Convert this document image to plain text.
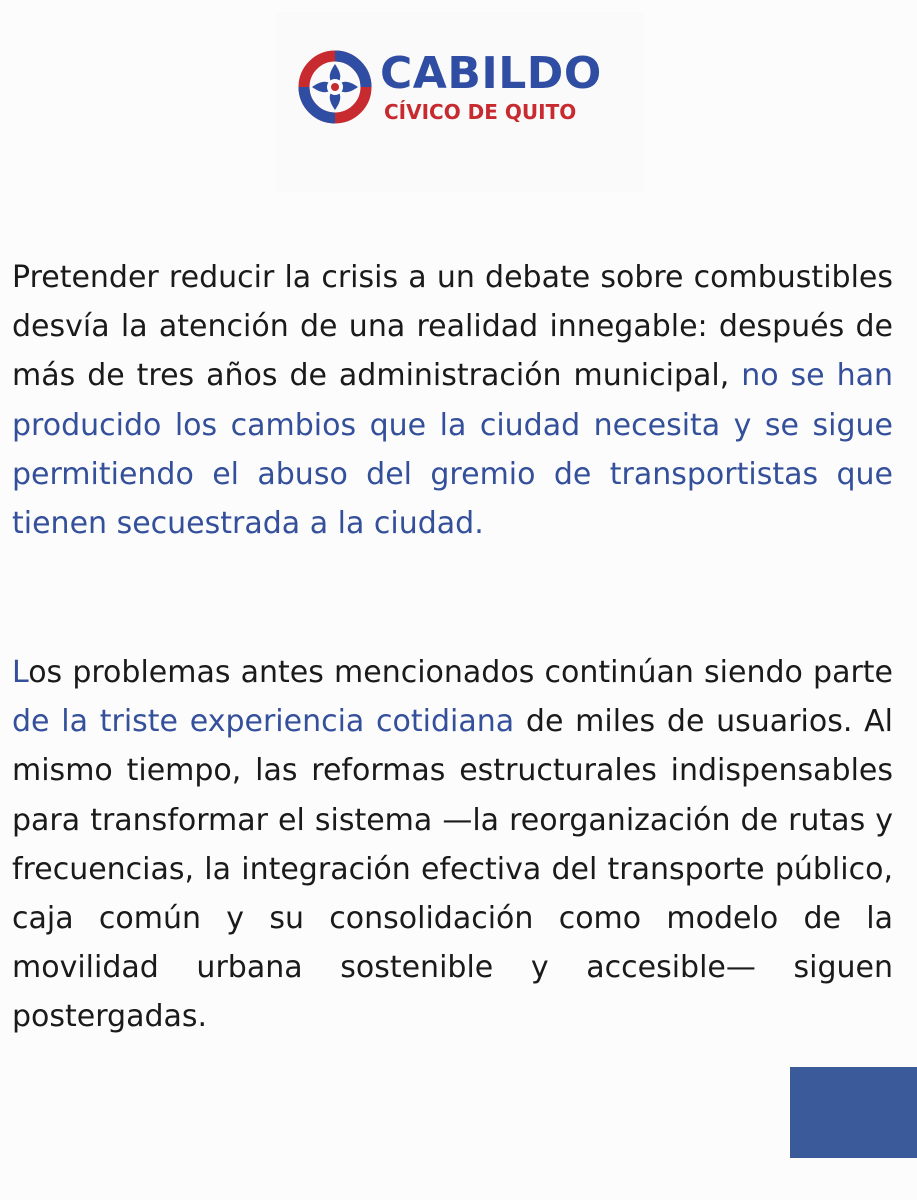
CABILDO
CÍVICO DE QUITO
Pretender reducir la crisis a un debate sobre combustibles desvía la atención de una realidad innegable: después de más de tres años de administración municipal, no se han producido los cambios que la ciudad necesita y se sigue permitiendo el abuso del gremio de transportistas que tienen secuestrada a la ciudad.
Los problemas antes mencionados continúan siendo parte de la triste experiencia cotidiana de miles de usuarios. Al mismo tiempo, las reformas estructurales indispensables para transformar el sistema —la reorganización de rutas y frecuencias, la integración efectiva del transporte público, caja común y su consolidación como modelo de la movilidad urbana sostenible y accesible— siguen postergadas.
